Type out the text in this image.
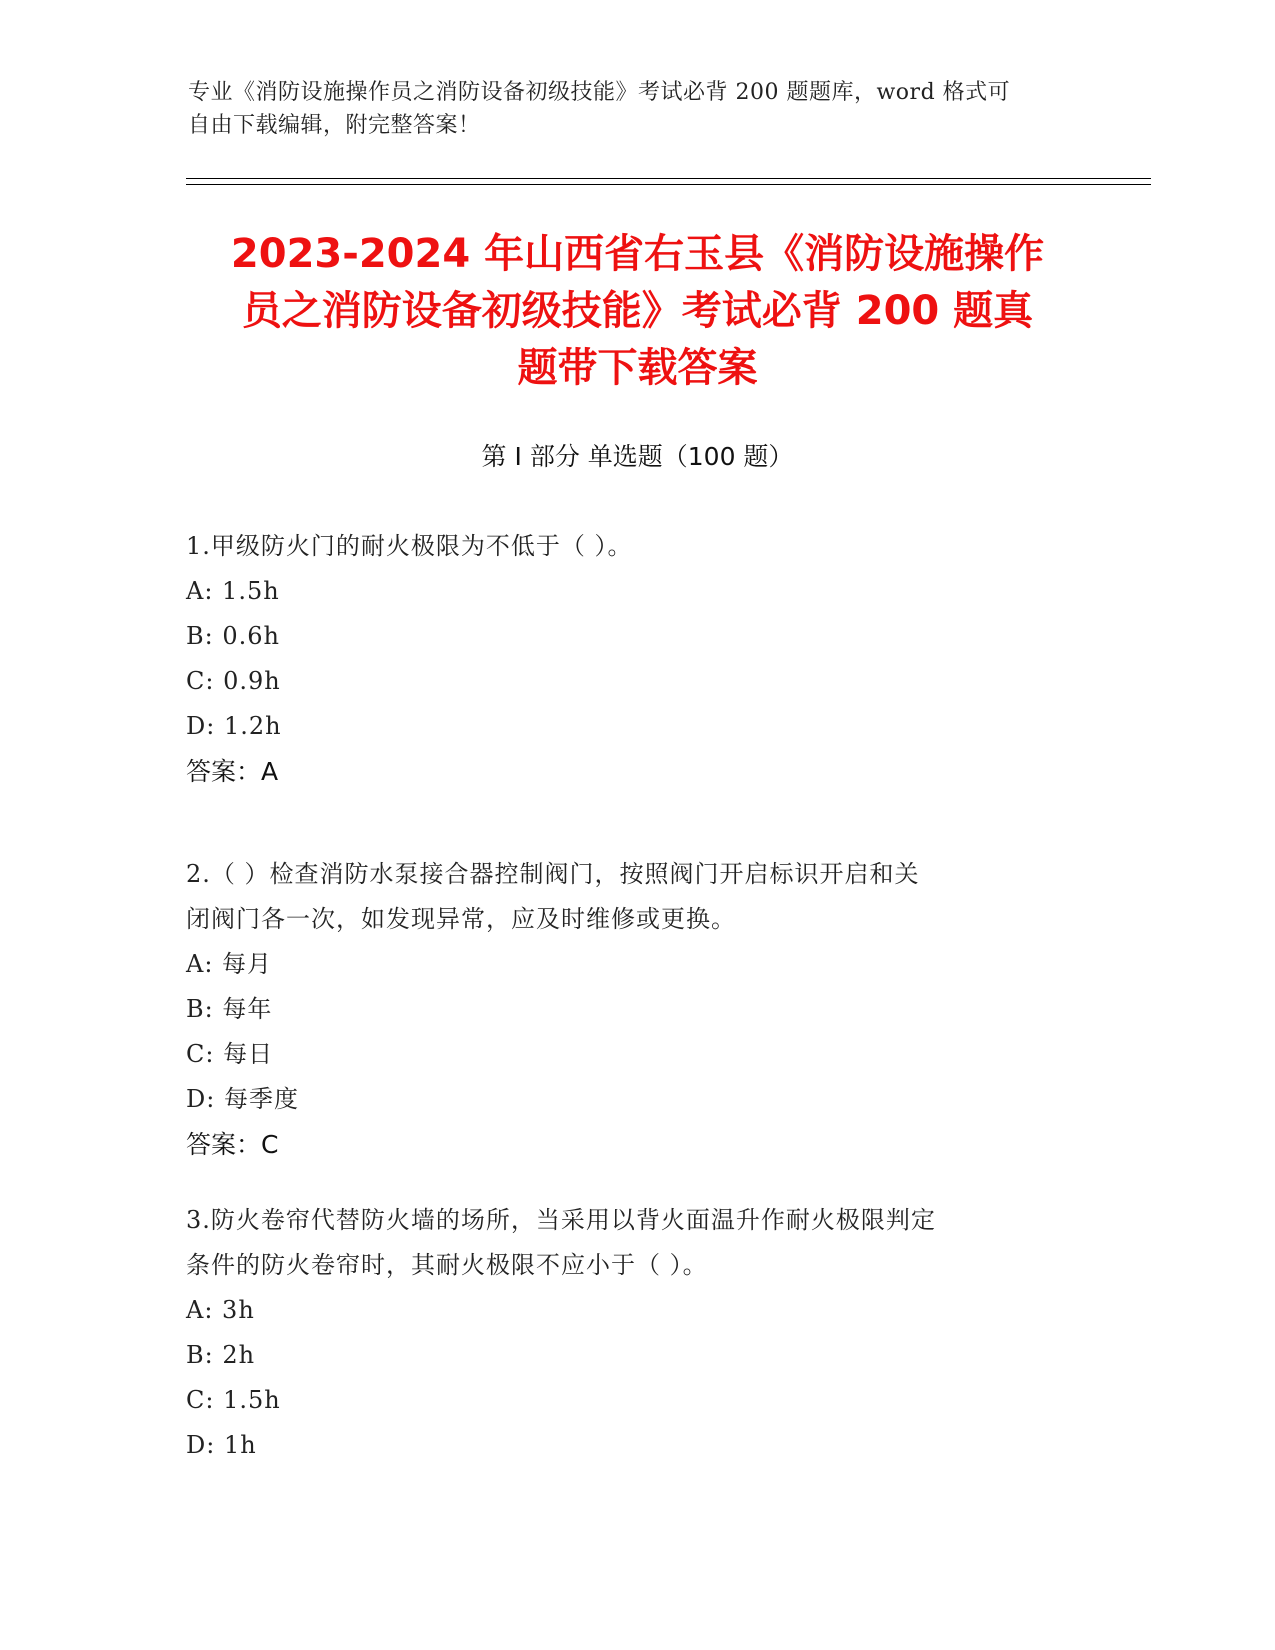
专业《消防设施操作员之消防设备初级技能》考试必背 200 题题库，word 格式可
自由下载编辑，附完整答案！
2023-2024 年山西省右玉县《消防设施操作
员之消防设备初级技能》考试必背 200 题真
题带下载答案
第 I 部分 单选题（100 题）
1.甲级防火门的耐火极限为不低于（ ）。
A: 1.5h
B: 0.6h
C: 0.9h
D: 1.2h
答案：A
2.（ ）检查消防水泵接合器控制阀门，按照阀门开启标识开启和关
闭阀门各一次，如发现异常，应及时维修或更换。
A: 每月
B: 每年
C: 每日
D: 每季度
答案：C
3.防火卷帘代替防火墙的场所，当采用以背火面温升作耐火极限判定
条件的防火卷帘时，其耐火极限不应小于（ ）。
A: 3h
B: 2h
C: 1.5h
D: 1h
